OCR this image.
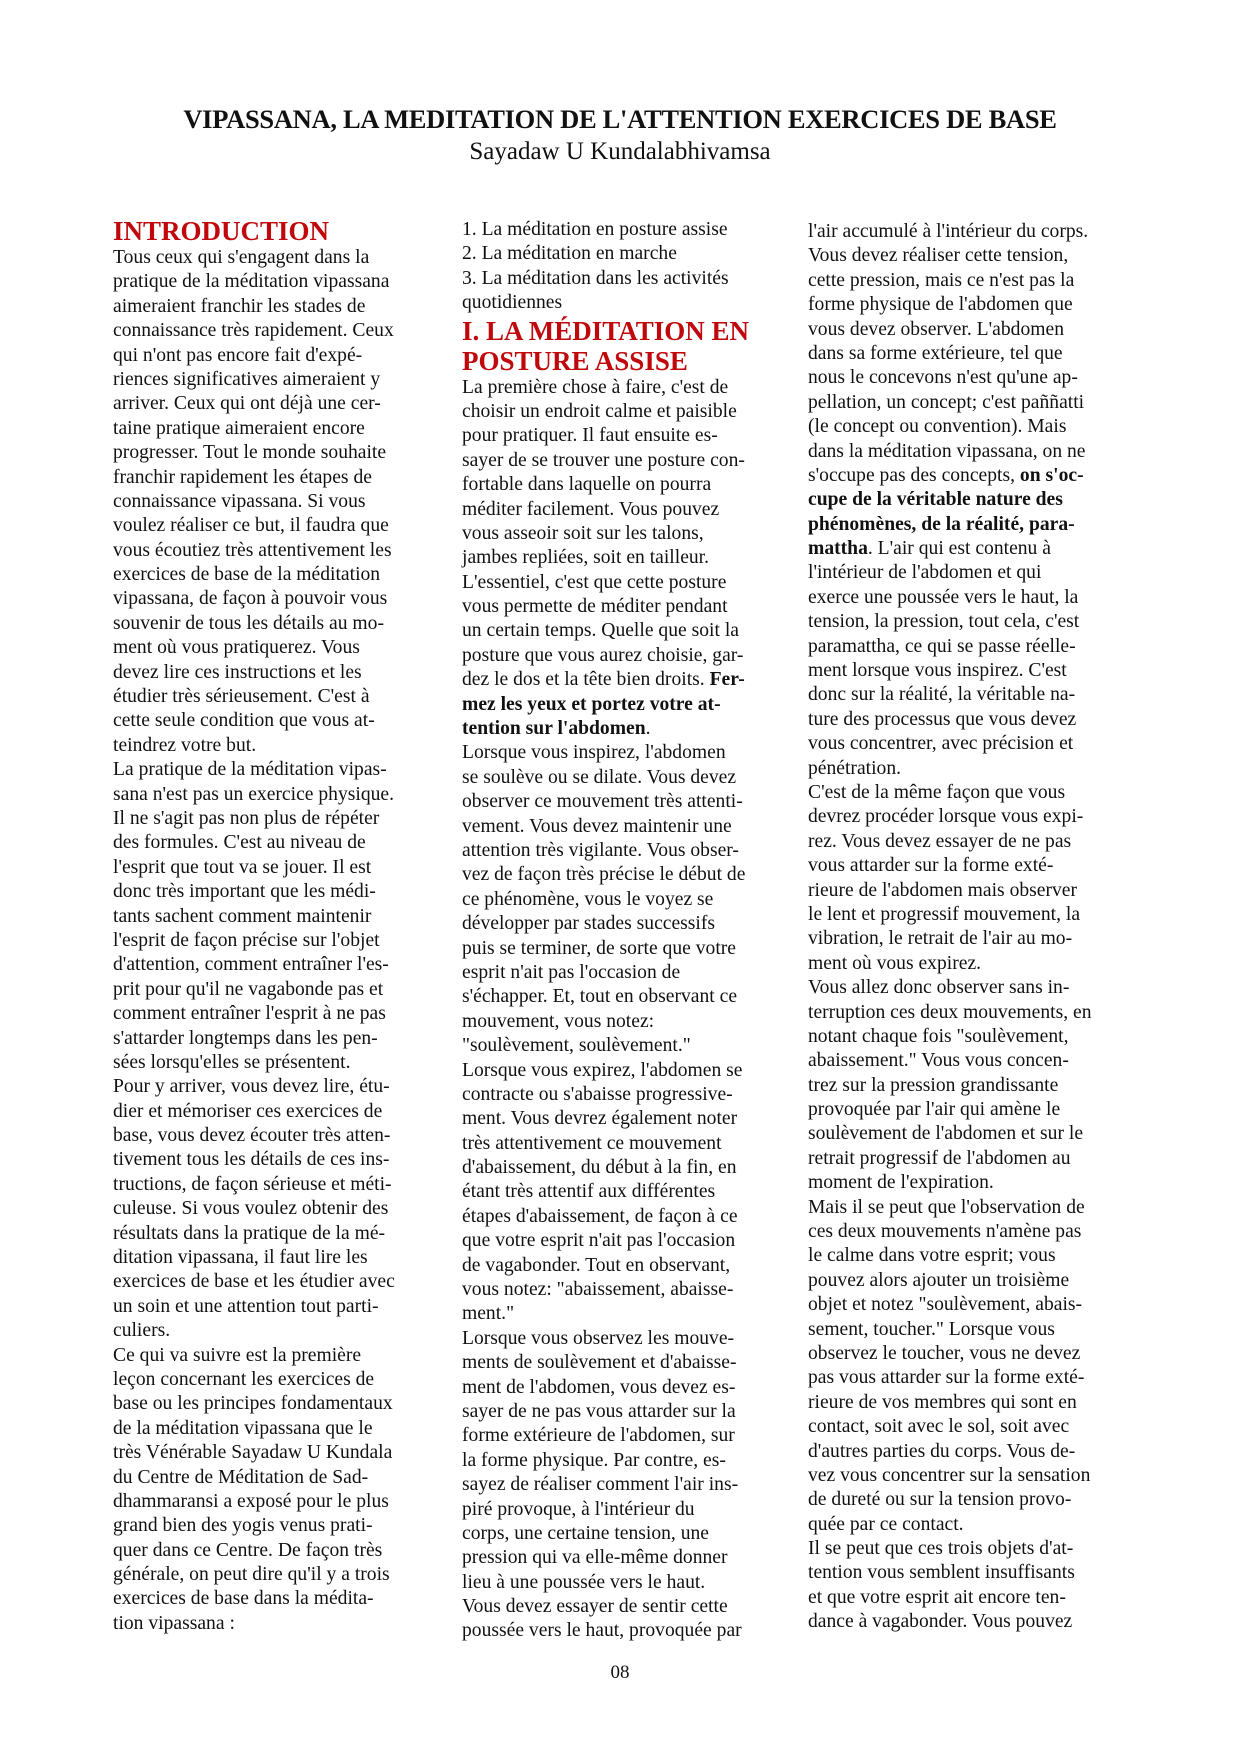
VIPASSANA, LA MEDITATION DE L'ATTENTION EXERCICES DE BASE
Sayadaw U Kundalabhivamsa
INTRODUCTION
Tous ceux qui s'engagent dans la
pratique de la méditation vipassana
aimeraient franchir les stades de
connaissance très rapidement. Ceux
qui n'ont pas encore fait d'expé-
riences significatives aimeraient y
arriver. Ceux qui ont déjà une cer-
taine pratique aimeraient encore
progresser. Tout le monde souhaite
franchir rapidement les étapes de
connaissance vipassana. Si vous
voulez réaliser ce but, il faudra que
vous écoutiez très attentivement les
exercices de base de la méditation
vipassana, de façon à pouvoir vous
souvenir de tous les détails au mo-
ment où vous pratiquerez. Vous
devez lire ces instructions et les
étudier très sérieusement. C'est à
cette seule condition que vous at-
teindrez votre but.
La pratique de la méditation vipas-
sana n'est pas un exercice physique.
Il ne s'agit pas non plus de répéter
des formules. C'est au niveau de
l'esprit que tout va se jouer. Il est
donc très important que les médi-
tants sachent comment maintenir
l'esprit de façon précise sur l'objet
d'attention, comment entraîner l'es-
prit pour qu'il ne vagabonde pas et
comment entraîner l'esprit à ne pas
s'attarder longtemps dans les pen-
sées lorsqu'elles se présentent.
Pour y arriver, vous devez lire, étu-
dier et mémoriser ces exercices de
base, vous devez écouter très atten-
tivement tous les détails de ces ins-
tructions, de façon sérieuse et méti-
culeuse. Si vous voulez obtenir des
résultats dans la pratique de la mé-
ditation vipassana, il faut lire les
exercices de base et les étudier avec
un soin et une attention tout parti-
culiers.
Ce qui va suivre est la première
leçon concernant les exercices de
base ou les principes fondamentaux
de la méditation vipassana que le
très Vénérable Sayadaw U Kundala
du Centre de Méditation de Sad-
dhammaransi a exposé pour le plus
grand bien des yogis venus prati-
quer dans ce Centre. De façon très
générale, on peut dire qu'il y a trois
exercices de base dans la médita-
tion vipassana :
1. La méditation en posture assise
2. La méditation en marche
3. La méditation dans les activités
quotidiennes
I. LA MÉDITATION EN
POSTURE ASSISE
La première chose à faire, c'est de
choisir un endroit calme et paisible
pour pratiquer. Il faut ensuite es-
sayer de se trouver une posture con-
fortable dans laquelle on pourra
méditer facilement. Vous pouvez
vous asseoir soit sur les talons,
jambes repliées, soit en tailleur.
L'essentiel, c'est que cette posture
vous permette de méditer pendant
un certain temps. Quelle que soit la
posture que vous aurez choisie, gar-
dez le dos et la tête bien droits. Fer-
mez les yeux et portez votre at-
tention sur l'abdomen.
Lorsque vous inspirez, l'abdomen
se soulève ou se dilate. Vous devez
observer ce mouvement très attenti-
vement. Vous devez maintenir une
attention très vigilante. Vous obser-
vez de façon très précise le début de
ce phénomène, vous le voyez se
développer par stades successifs
puis se terminer, de sorte que votre
esprit n'ait pas l'occasion de
s'échapper. Et, tout en observant ce
mouvement, vous notez:
"soulèvement, soulèvement."
Lorsque vous expirez, l'abdomen se
contracte ou s'abaisse progressive-
ment. Vous devrez également noter
très attentivement ce mouvement
d'abaissement, du début à la fin, en
étant très attentif aux différentes
étapes d'abaissement, de façon à ce
que votre esprit n'ait pas l'occasion
de vagabonder. Tout en observant,
vous notez: "abaissement, abaisse-
ment."
Lorsque vous observez les mouve-
ments de soulèvement et d'abaisse-
ment de l'abdomen, vous devez es-
sayer de ne pas vous attarder sur la
forme extérieure de l'abdomen, sur
la forme physique. Par contre, es-
sayez de réaliser comment l'air ins-
piré provoque, à l'intérieur du
corps, une certaine tension, une
pression qui va elle-même donner
lieu à une poussée vers le haut.
Vous devez essayer de sentir cette
poussée vers le haut, provoquée par
l'air accumulé à l'intérieur du corps.
Vous devez réaliser cette tension,
cette pression, mais ce n'est pas la
forme physique de l'abdomen que
vous devez observer. L'abdomen
dans sa forme extérieure, tel que
nous le concevons n'est qu'une ap-
pellation, un concept; c'est paññatti
(le concept ou convention). Mais
dans la méditation vipassana, on ne
s'occupe pas des concepts, on s'oc-
cupe de la véritable nature des
phénomènes, de la réalité, para-
mattha. L'air qui est contenu à
l'intérieur de l'abdomen et qui
exerce une poussée vers le haut, la
tension, la pression, tout cela, c'est
paramattha, ce qui se passe réelle-
ment lorsque vous inspirez. C'est
donc sur la réalité, la véritable na-
ture des processus que vous devez
vous concentrer, avec précision et
pénétration.
C'est de la même façon que vous
devrez procéder lorsque vous expi-
rez. Vous devez essayer de ne pas
vous attarder sur la forme exté-
rieure de l'abdomen mais observer
le lent et progressif mouvement, la
vibration, le retrait de l'air au mo-
ment où vous expirez.
Vous allez donc observer sans in-
terruption ces deux mouvements, en
notant chaque fois "soulèvement,
abaissement." Vous vous concen-
trez sur la pression grandissante
provoquée par l'air qui amène le
soulèvement de l'abdomen et sur le
retrait progressif de l'abdomen au
moment de l'expiration.
Mais il se peut que l'observation de
ces deux mouvements n'amène pas
le calme dans votre esprit; vous
pouvez alors ajouter un troisième
objet et notez "soulèvement, abais-
sement, toucher." Lorsque vous
observez le toucher, vous ne devez
pas vous attarder sur la forme exté-
rieure de vos membres qui sont en
contact, soit avec le sol, soit avec
d'autres parties du corps. Vous de-
vez vous concentrer sur la sensation
de dureté ou sur la tension provo-
quée par ce contact.
Il se peut que ces trois objets d'at-
tention vous semblent insuffisants
et que votre esprit ait encore ten-
dance à vagabonder. Vous pouvez
08
